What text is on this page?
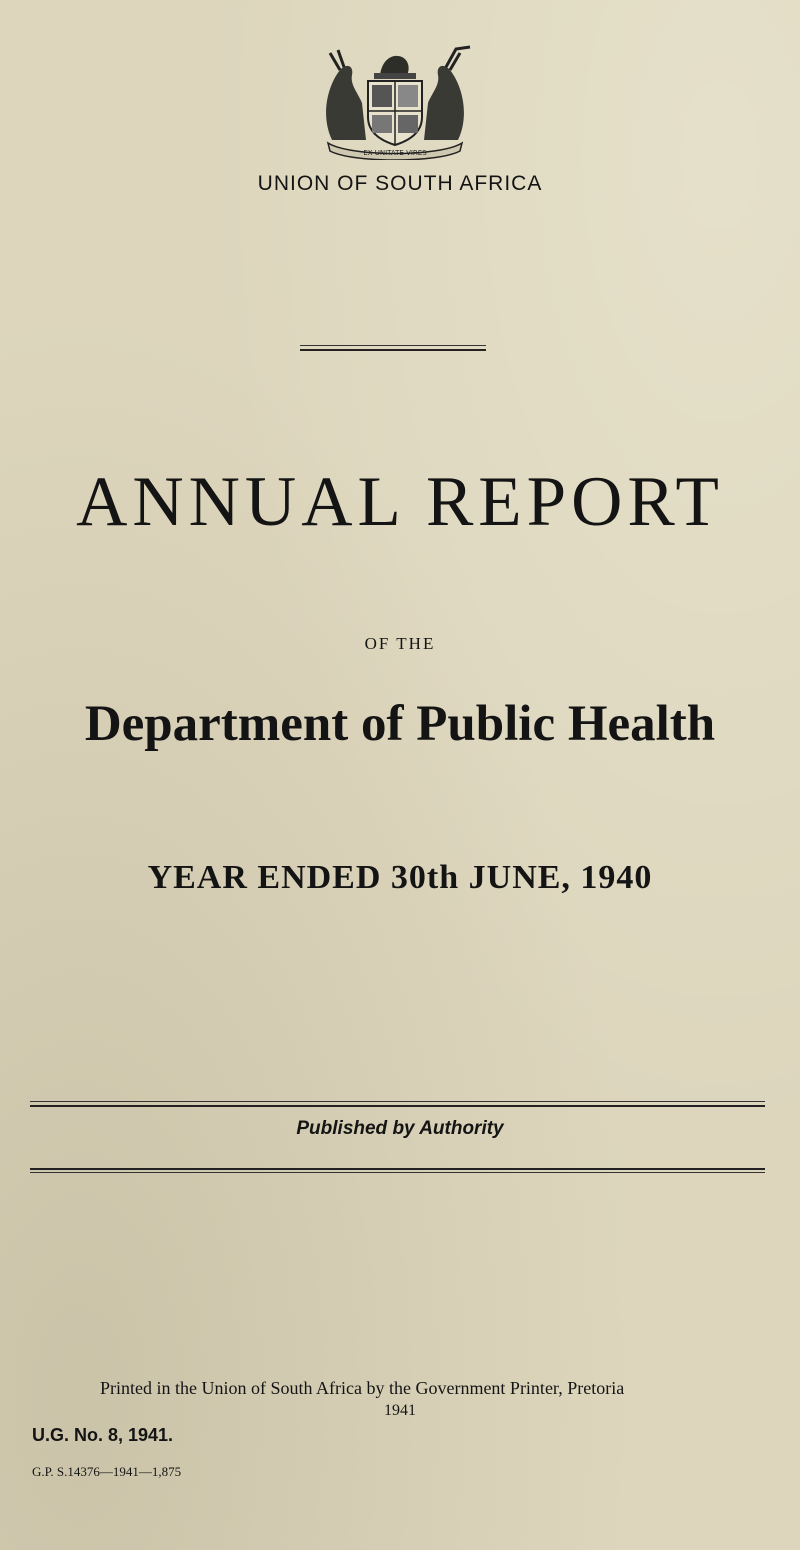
EX UNITATE VIRES
UNION OF SOUTH AFRICA
ANNUAL REPORT

OF THE

Department of Public Health
YEAR ENDED 30th JUNE, 1940

Published by Authority

Printed in the Union of South Africa by the Government Printer, Pretoria

1941

U.G. No. 8, 1941.

G.P. S.14376—1941—1,875
